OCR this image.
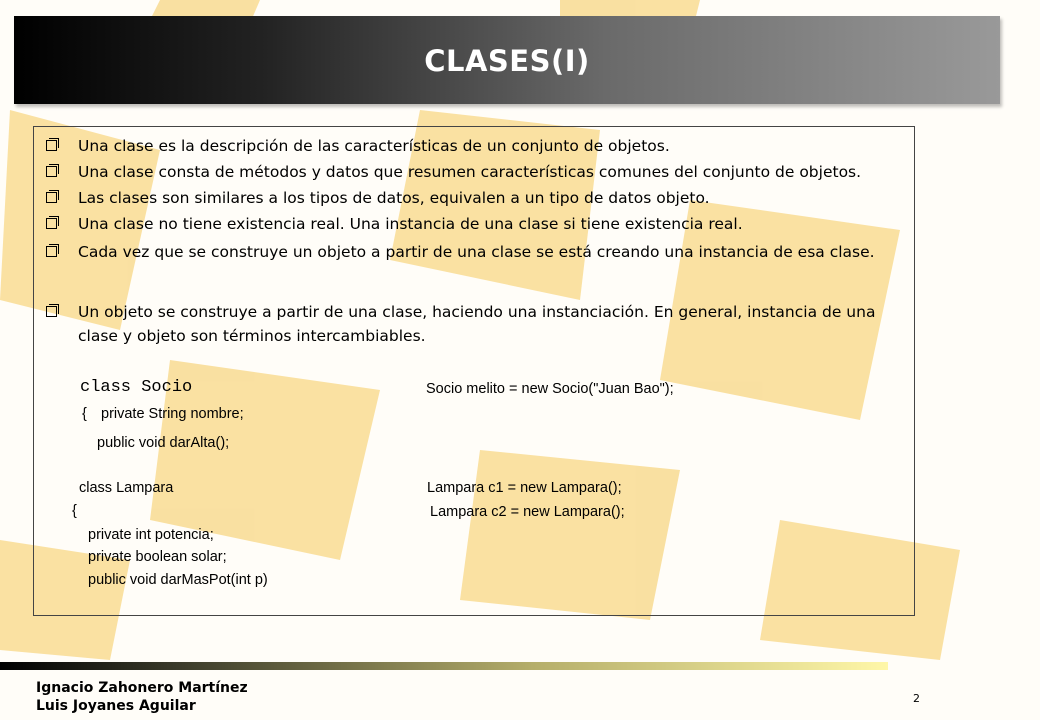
CLASES(I)
Una clase es la descripción de las características de un conjunto de objetos.
Una clase consta de métodos y datos que resumen características comunes del conjunto de objetos.
Las clases son similares a los tipos de datos, equivalen a un tipo de datos objeto.
Una clase no tiene existencia real. Una instancia de una clase si tiene existencia real.
Cada vez que se construye un objeto a partir de una clase se está creando una instancia de esa clase.
Un objeto se construye a partir de una clase, haciendo una instanciación. En general, instancia de una clase y objeto son términos intercambiables.
class Socio	Socio melito = new Socio("Juan Bao");
{ private String nombre;
public void darAlta();
class Lampara	Lampara c1 = new Lampara();
{	Lampara c2 = new Lampara();
private int potencia;
private boolean solar;
public void darMasPot(int p)
Ignacio Zahonero Martínez
Luis Joyanes Aguilar	2
